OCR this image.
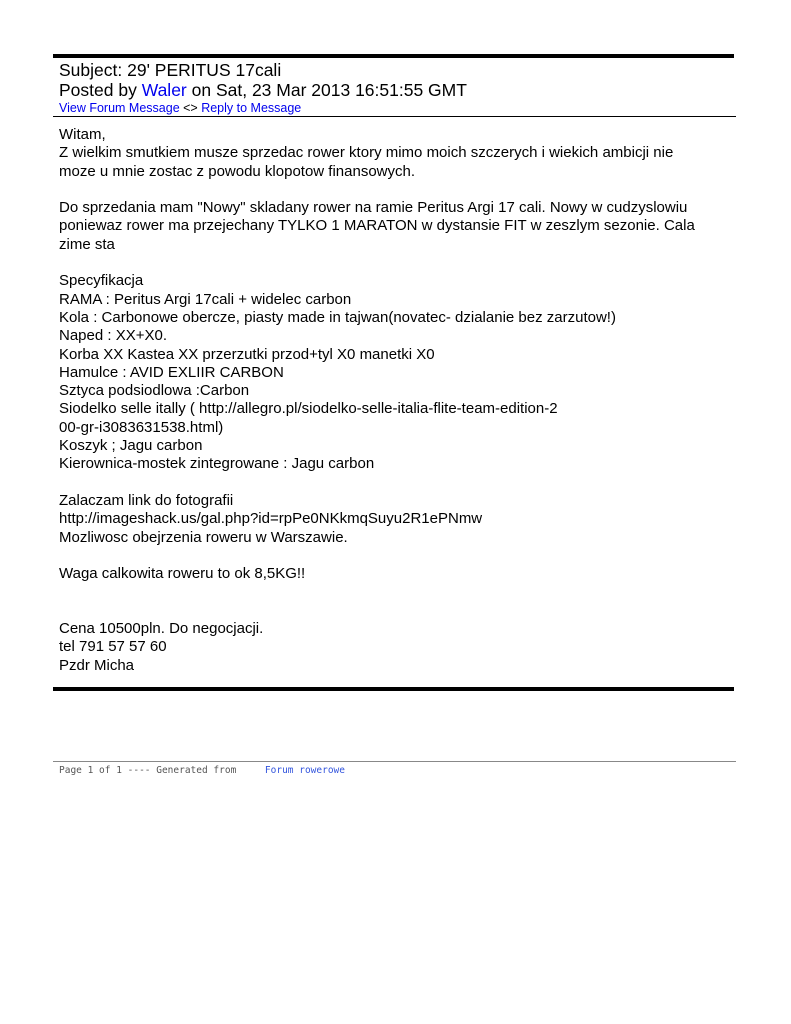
Subject: 29' PERITUS 17cali
Posted by Waler on Sat, 23 Mar 2013 16:51:55 GMT
View Forum Message <> Reply to Message
Witam,
Z wielkim smutkiem musze sprzedac rower ktory mimo moich szczerych i wiekich ambicji nie
moze u mnie zostac z powodu klopotow finansowych.
Do sprzedania mam "Nowy" skladany rower na ramie Peritus Argi 17 cali. Nowy w cudzyslowiu
poniewaz rower ma przejechany TYLKO 1 MARATON w dystansie FIT w zeszlym sezonie. Cala
zime sta
Specyfikacja
RAMA : Peritus Argi 17cali + widelec carbon
Kola : Carbonowe obercze, piasty made in tajwan(novatec- dzialanie bez zarzutow!)
Naped : XX+X0.
Korba XX Kastea XX przerzutki przod+tyl X0 manetki X0
Hamulce : AVID EXLIIR CARBON
Sztyca podsiodlowa :Carbon
Siodelko selle itally ( http://allegro.pl/siodelko-selle-italia-flite-team-edition-2
00-gr-i3083631538.html)
Koszyk ; Jagu carbon
Kierownica-mostek zintegrowane : Jagu carbon
Zalaczam link do fotografii
http://imageshack.us/gal.php?id=rpPe0NKkmqSuyu2R1ePNmw
Mozliwosc obejrzenia roweru w Warszawie.
Waga calkowita roweru to ok 8,5KG!!
Cena 10500pln. Do negocjacji.
tel 791 57 57 60
Pzdr Micha
Page 1 of 1 ---- Generated from     Forum rowerowe
